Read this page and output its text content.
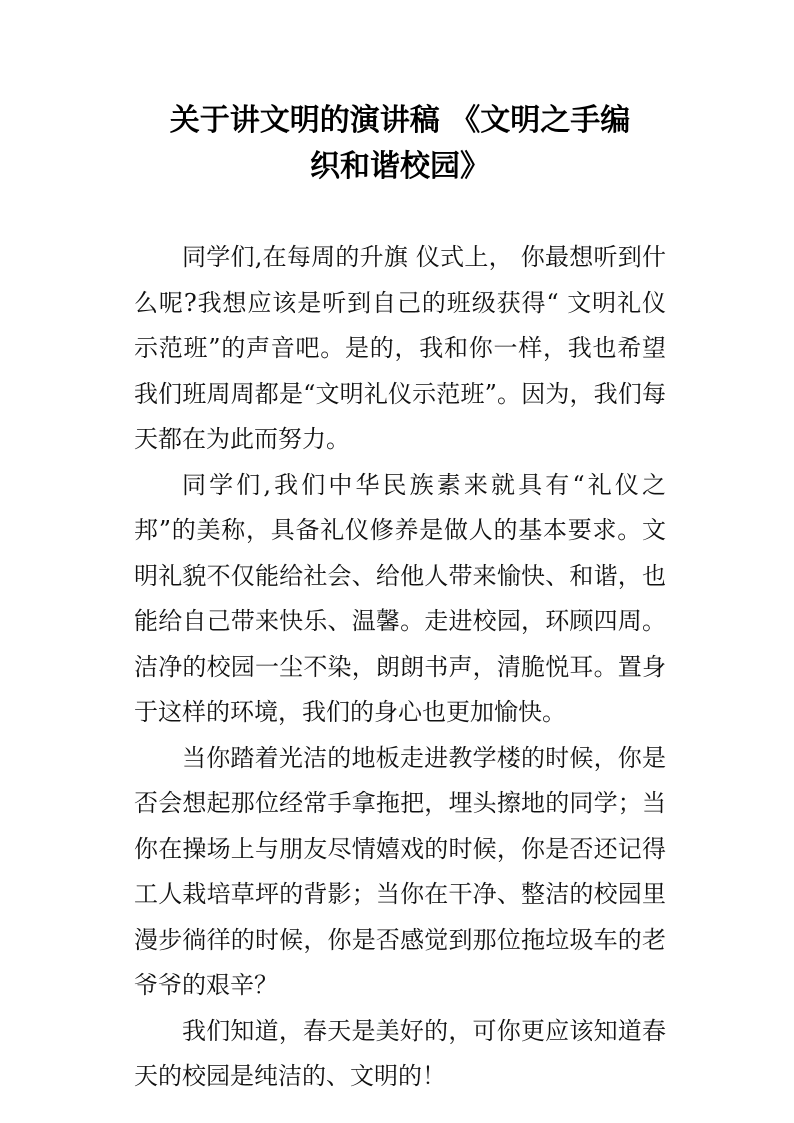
关于讲文明的演讲稿 《文明之手编
织和谐校园》

同学们,在每周的升旗 仪式上， 你最想听到什么呢?我想应该是听到自己的班级获得“ 文明礼仪示范班”的声音吧。是的，我和你一样，我也希望我们班周周都是“文明礼仪示范班”。因为，我们每天都在为此而努力。

同学们,我们中华民族素来就具有“礼仪之邦”的美称，具备礼仪修养是做人的基本要求。文明礼貌不仅能给社会、给他人带来愉快、和谐，也能给自己带来快乐、温馨。走进校园，环顾四周。洁净的校园一尘不染，朗朗书声，清脆悦耳。置身于这样的环境，我们的身心也更加愉快。

当你踏着光洁的地板走进教学楼的时候，你是否会想起那位经常手拿拖把，埋头擦地的同学；当你在操场上与朋友尽情嬉戏的时候，你是否还记得工人栽培草坪的背影；当你在干净、整洁的校园里漫步徜徉的时候，你是否感觉到那位拖垃圾车的老爷爷的艰辛？

我们知道，春天是美好的，可你更应该知道春天的校园是纯洁的、文明的！
